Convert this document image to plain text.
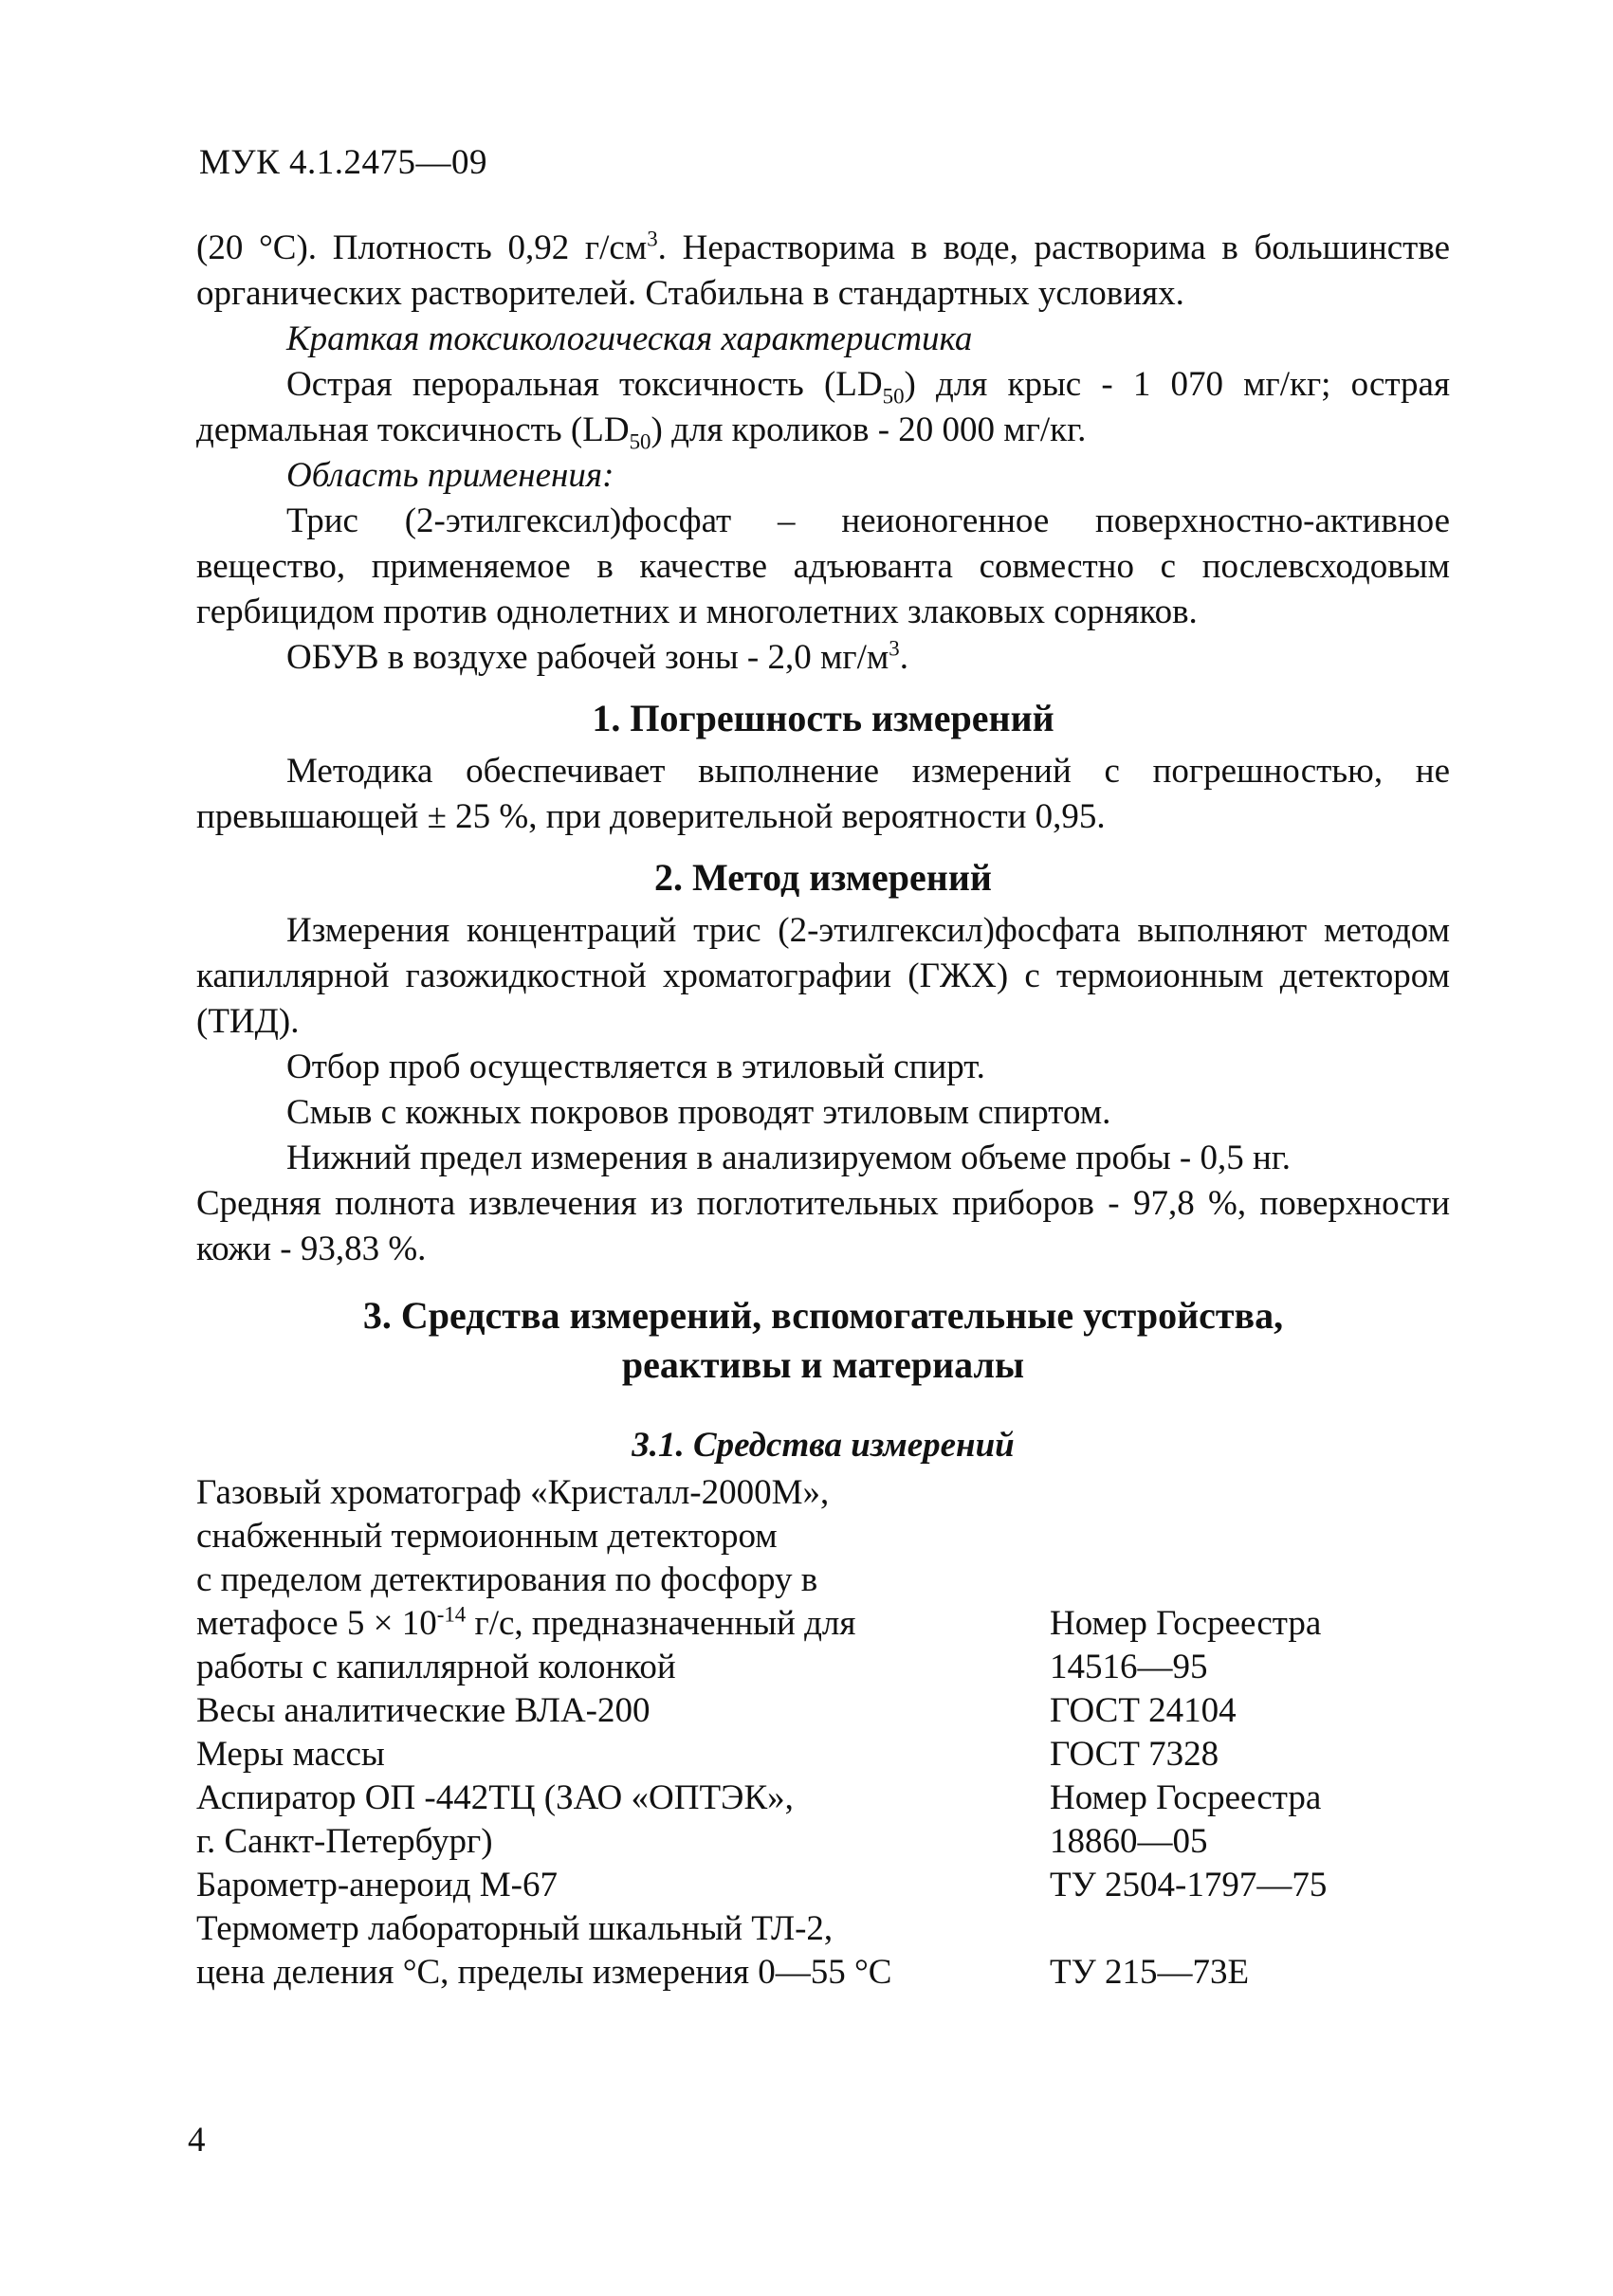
МУК 4.1.2475—09

(20 °С). Плотность 0,92 $г/см^3$. Нерастворима в воде, растворима в большинстве органических растворителей. Стабильна в стандартных условиях.

Краткая токсикологическая характеристика

Острая пероральная токсичность $(LD_{50})$ для крыс - 1 070 мг/кг; острая дермальная токсичность $(LD_{50})$ для кроликов - 20 000 мг/кг.

Область применения:

Трис (2-этилгексил)фосфат – неионогенное поверхностно-активное вещество, применяемое в качестве адъюванта совместно с послевсходовым гербицидом против однолетних и многолетних злаковых сорняков.

ОБУВ в воздухе рабочей зоны - 2,0 $мг/м^3$.

1. Погрешность измерений

Методика обеспечивает выполнение измерений с погрешностью, не превышающей ± 25 %, при доверительной вероятности 0,95.

2. Метод измерений

Измерения концентраций трис (2-этилгексил)фосфата выполняют методом капиллярной газожидкостной хроматографии (ГЖХ) с термоионным детектором (ТИД).

Отбор проб осуществляется в этиловый спирт.

Смыв с кожных покровов проводят этиловым спиртом.

Нижний предел измерения в анализируемом объеме пробы - 0,5 нг.

Средняя полнота извлечения из поглотительных приборов - 97,8 %, поверхности кожи - 93,83 %.

3. Средства измерений, вспомогательные устройства,
реактивы и материалы
3.1. Средства измерений
Газовый хроматограф «Кристалл-2000М»,	
снабженный термоионным детектором	
с пределом детектирования по фосфору в	
метафосе $5 \times 10^{-14}$ г/с, предназначенный для	Номер Госреестра
работы с капиллярной колонкой	14516—95
Весы аналитические ВЛА-200	ГОСТ 24104
Меры массы	ГОСТ 7328
Аспиратор ОП -442ТЦ (ЗАО «ОПТЭК»,	Номер Госреестра
г. Санкт-Петербург)	18860—05
Барометр-анероид М-67	ТУ 2504-1797—75
Термометр лабораторный шкальный ТЛ-2,	
цена деления °С, пределы измерения 0—55 °С	ТУ 215—73Е
4
